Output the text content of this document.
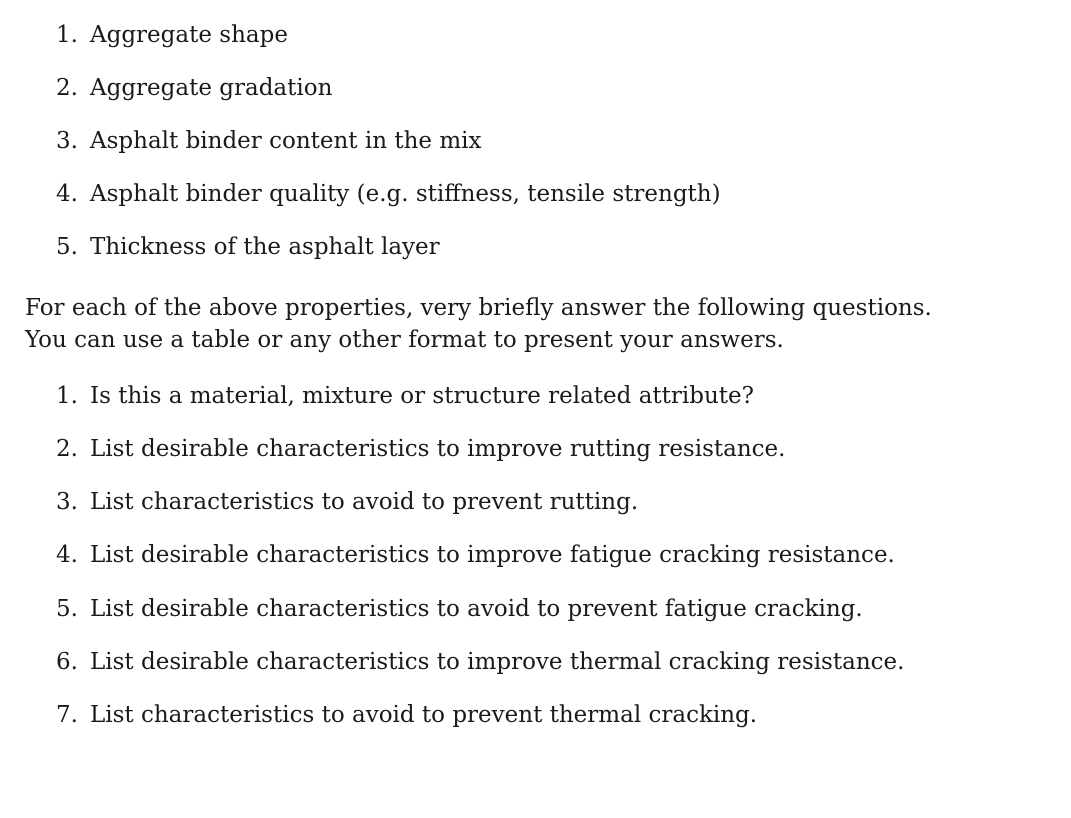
1. Aggregate shape
2. Aggregate gradation
3. Asphalt binder content in the mix
4. Asphalt binder quality (e.g. stiffness, tensile strength)
5. Thickness of the asphalt layer

For each of the above properties, very briefly answer the following questions.
You can use a table or any other format to present your answers.

1. Is this a material, mixture or structure related attribute?
2. List desirable characteristics to improve rutting resistance.
3. List characteristics to avoid to prevent rutting.
4. List desirable characteristics to improve fatigue cracking resistance.
5. List desirable characteristics to avoid to prevent fatigue cracking.
6. List desirable characteristics to improve thermal cracking resistance.
7. List characteristics to avoid to prevent thermal cracking.
